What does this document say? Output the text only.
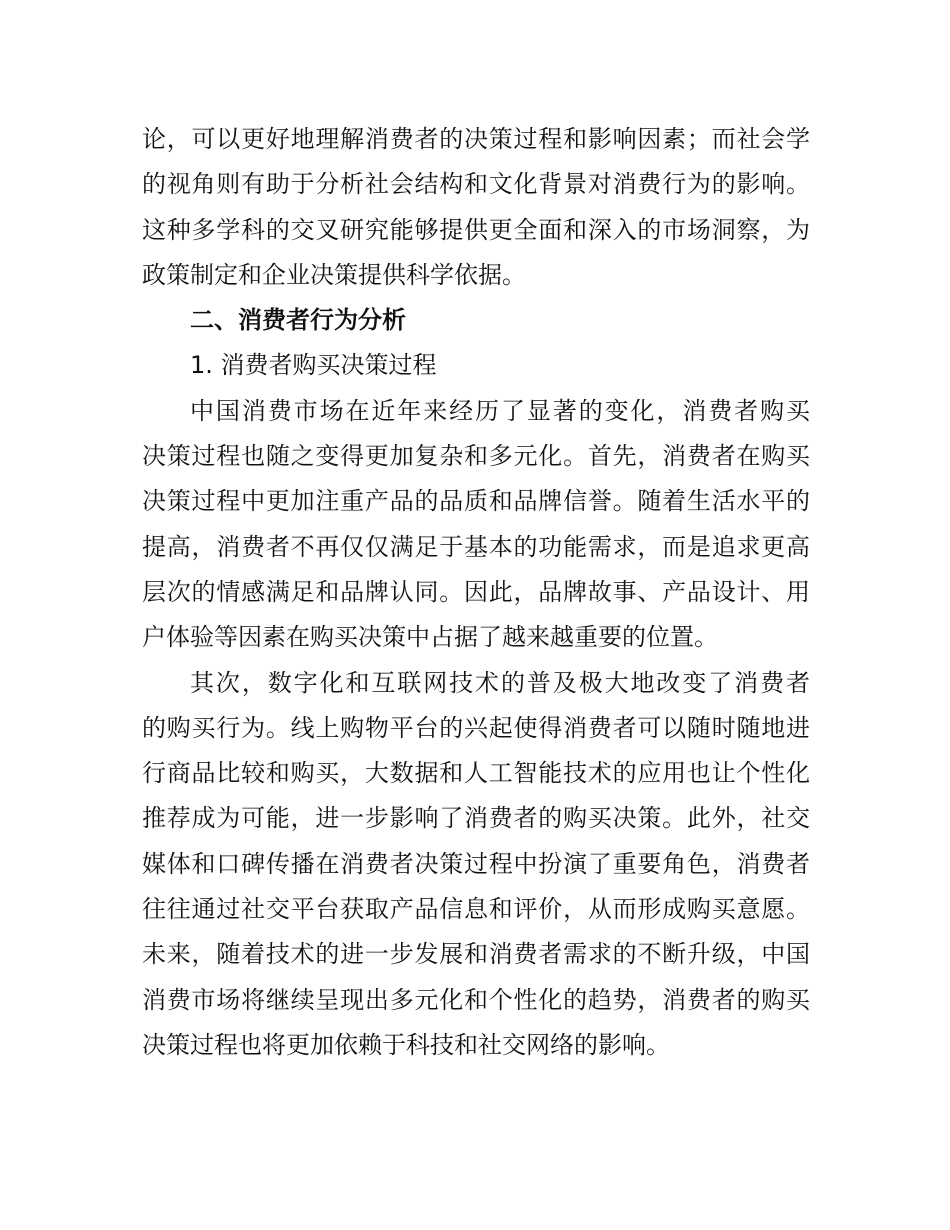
论，可以更好地理解消费者的决策过程和影响因素；而社会学
的视角则有助于分析社会结构和文化背景对消费行为的影响。
这种多学科的交叉研究能够提供更全面和深入的市场洞察，为
政策制定和企业决策提供科学依据。
二、消费者行为分析
1. 消费者购买决策过程
中国消费市场在近年来经历了显著的变化，消费者购买
决策过程也随之变得更加复杂和多元化。首先，消费者在购买
决策过程中更加注重产品的品质和品牌信誉。随着生活水平的
提高，消费者不再仅仅满足于基本的功能需求，而是追求更高
层次的情感满足和品牌认同。因此，品牌故事、产品设计、用
户体验等因素在购买决策中占据了越来越重要的位置。
其次，数字化和互联网技术的普及极大地改变了消费者
的购买行为。线上购物平台的兴起使得消费者可以随时随地进
行商品比较和购买，大数据和人工智能技术的应用也让个性化
推荐成为可能，进一步影响了消费者的购买决策。此外，社交
媒体和口碑传播在消费者决策过程中扮演了重要角色，消费者
往往通过社交平台获取产品信息和评价，从而形成购买意愿。
未来，随着技术的进一步发展和消费者需求的不断升级，中国
消费市场将继续呈现出多元化和个性化的趋势，消费者的购买
决策过程也将更加依赖于科技和社交网络的影响。
